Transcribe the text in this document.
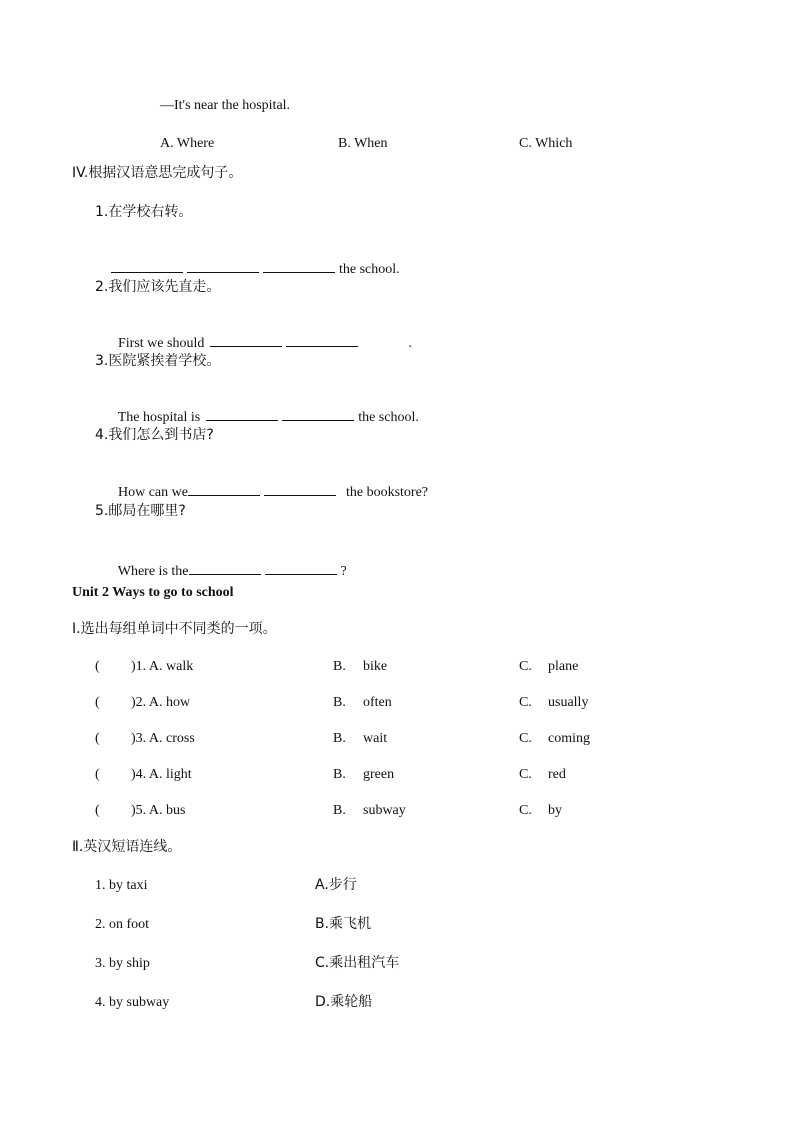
—It's near the hospital.
A. Where	B. When	C. Which
IV.根据汉语意思完成句子。
1.在学校右转。

the school.

2.我们应该先直走。

First we should	.

3.医院紧挨着学校。

The hospital is	the school.

4.我们怎么到书店?

How can we	the bookstore?

5.邮局在哪里?

Where is the	?

Unit 2 Ways to go to school
Ⅰ.选出每组单词中不同类的一项。
( )1. A. walk	B. bike	C. plane
( )2. A. how	B. often	C. usually
( )3. A. cross	B. wait	C. coming
( )4. A. light	B. green	C. red
( )5. A. bus	B. subway	C. by
Ⅱ.英汉短语连线。
1. by taxi	A.步行
2. on foot	B.乘飞机
3. by ship	C.乘出租汽车
4. by subway	D.乘轮船
